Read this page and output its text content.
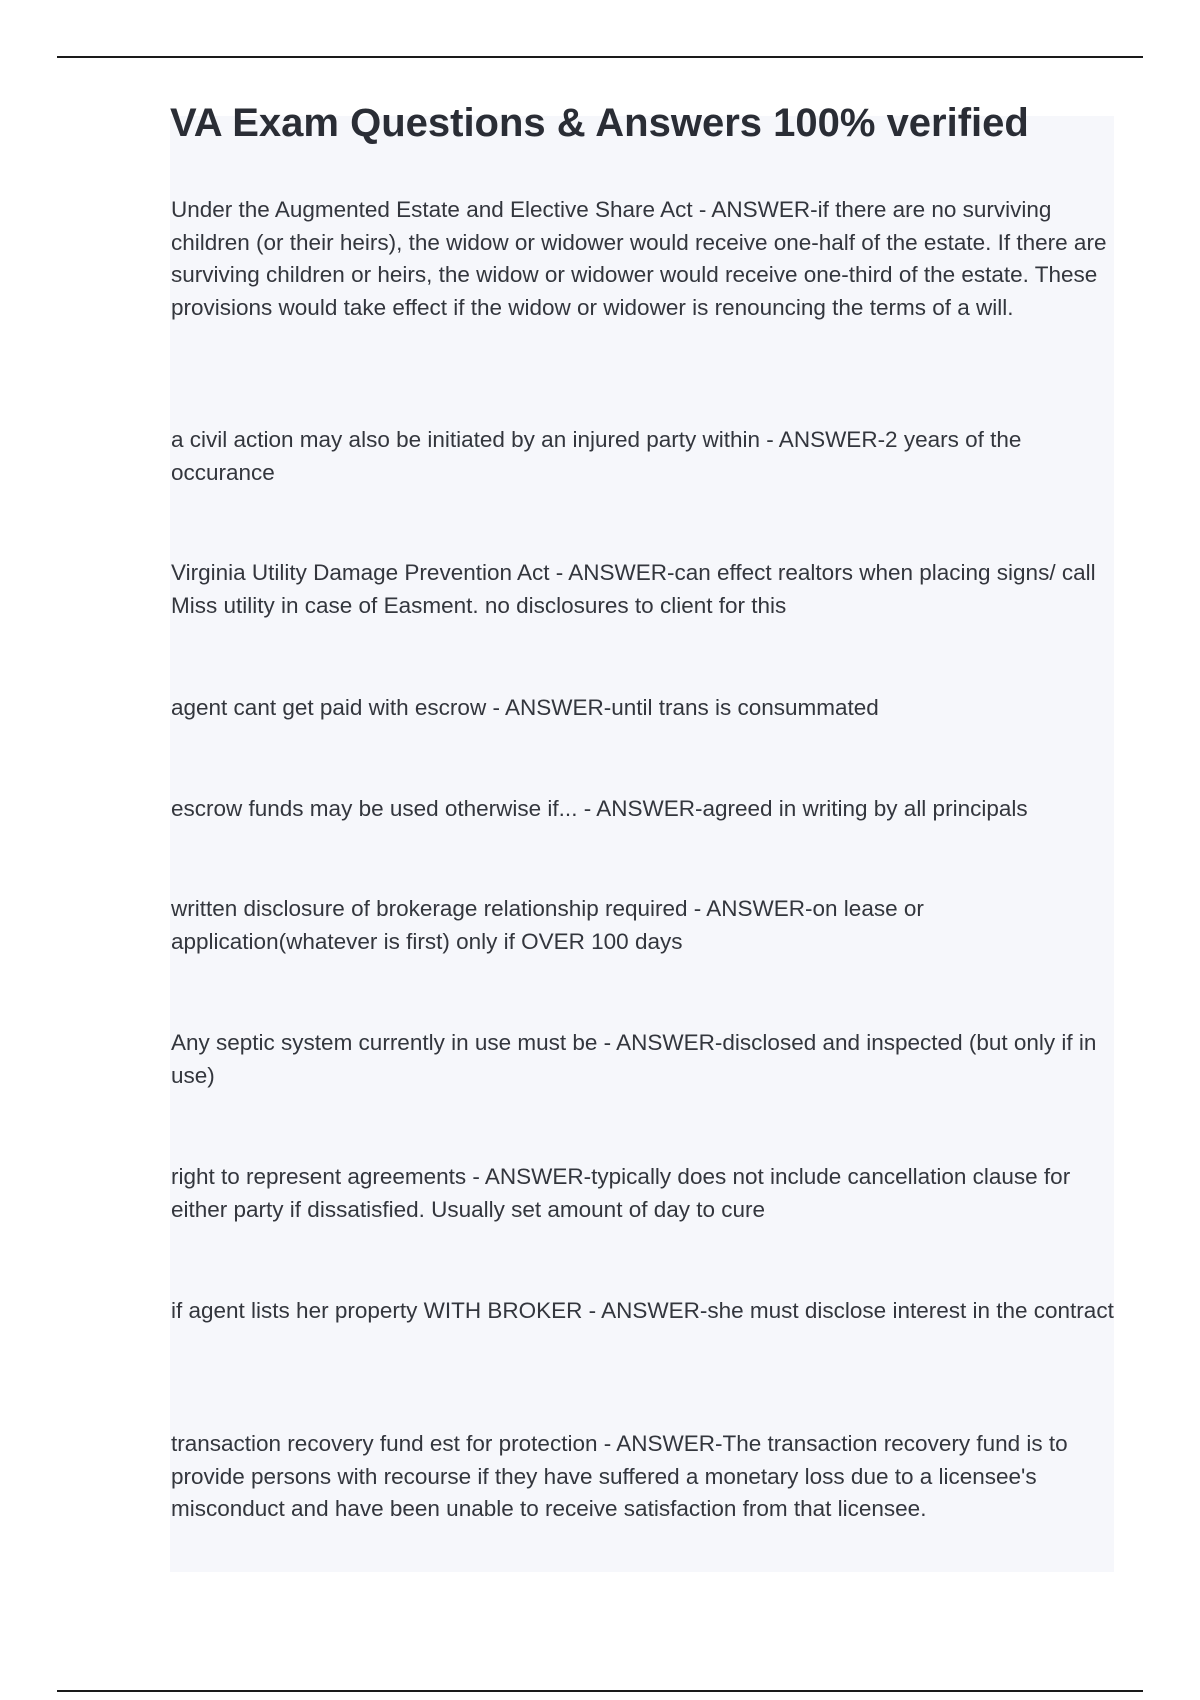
VA Exam Questions & Answers 100% verified

Under the Augmented Estate and Elective Share Act - ANSWER-if there are no surviving children (or their heirs), the widow or widower would receive one-half of the estate. If there are surviving children or heirs, the widow or widower would receive one-third of the estate. These provisions would take effect if the widow or widower is renouncing the terms of a will.

a civil action may also be initiated by an injured party within - ANSWER-2 years of the occurance

Virginia Utility Damage Prevention Act - ANSWER-can effect realtors when placing signs/ call Miss utility in case of Easment. no disclosures to client for this

agent cant get paid with escrow - ANSWER-until trans is consummated

escrow funds may be used otherwise if... - ANSWER-agreed in writing by all principals

written disclosure of brokerage relationship required - ANSWER-on lease or application(whatever is first) only if OVER 100 days

Any septic system currently in use must be - ANSWER-disclosed and inspected (but only if in use)

right to represent agreements - ANSWER-typically does not include cancellation clause for either party if dissatisfied. Usually set amount of day to cure

if agent lists her property WITH BROKER - ANSWER-she must disclose interest in the contract

transaction recovery fund est for protection - ANSWER-The transaction recovery fund is to provide persons with recourse if they have suffered a monetary loss due to a licensee's misconduct and have been unable to receive satisfaction from that licensee.
